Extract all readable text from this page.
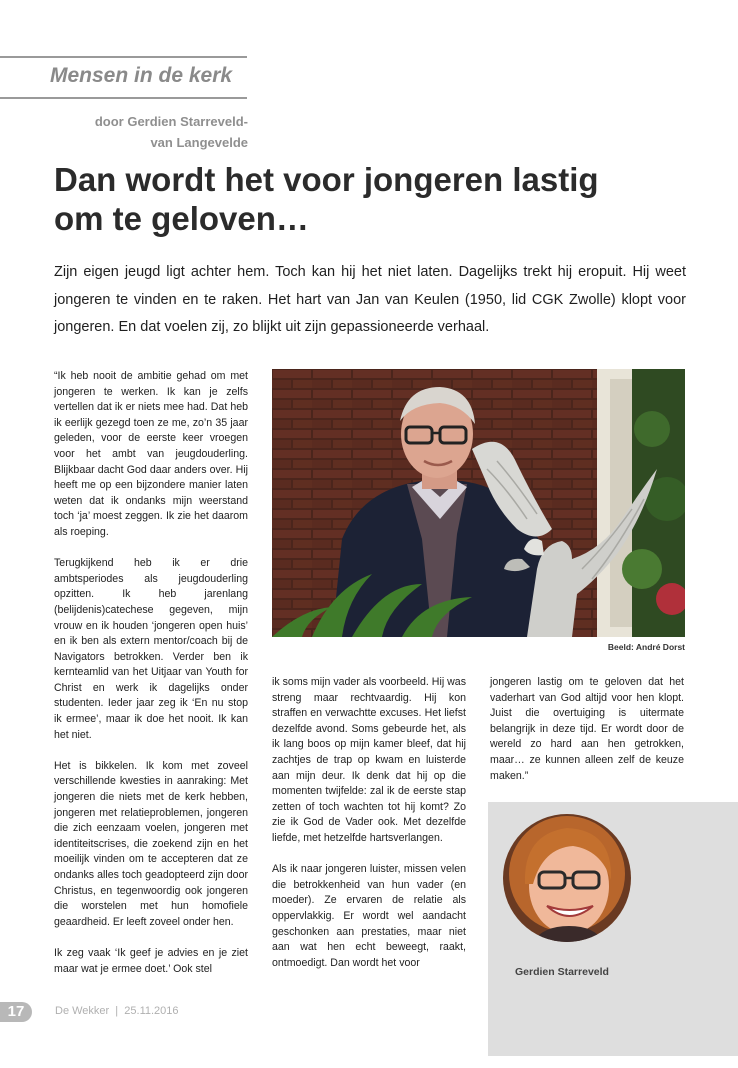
Mensen in de kerk
door Gerdien Starreveld-
van Langevelde
Dan wordt het voor jongeren lastig
om te geloven…
Zijn eigen jeugd ligt achter hem. Toch kan hij het niet laten. Dagelijks trekt hij eropuit. Hij weet jongeren te vinden en te raken. Het hart van Jan van Keulen (1950, lid CGK Zwolle) klopt voor jongeren. En dat voelen zij, zo blijkt uit zijn gepassioneerde verhaal.

“Ik heb nooit de ambitie gehad om met jongeren te werken. Ik kan je zelfs vertellen dat ik er niets mee had. Dat heb ik eerlijk gezegd toen ze me, zo’n 35 jaar geleden, voor de eerste keer vroegen voor het ambt van jeugdouderling. Blijkbaar dacht God daar anders over. Hij heeft me op een bijzondere manier laten weten dat ik ondanks mijn weerstand toch ‘ja’ moest zeggen. Ik zie het daarom als roeping.

Terugkijkend heb ik er drie ambtsperiodes als jeugdouderling opzitten. Ik heb jarenlang (belijdenis)catechese gegeven, mijn vrouw en ik houden ‘jongeren open huis’ en ik ben als extern mentor/coach bij de Navigators betrokken. Verder ben ik kernteamlid van het Uitjaar van Youth for Christ en werk ik dagelijks onder studenten. Ieder jaar zeg ik ‘En nu stop ik ermee’, maar ik doe het nooit. Ik kan het niet.

Het is bikkelen. Ik kom met zoveel verschillende kwesties in aanraking: Met jongeren die niets met de kerk hebben, jongeren met relatieproblemen, jongeren die zich eenzaam voelen, jongeren met identiteitscrises, die zoekend zijn en het moeilijk vinden om te accepteren dat ze ondanks alles toch geadopteerd zijn door Christus, en tegenwoordig ook jongeren die worstelen met hun homofiele geaardheid. Er leeft zoveel onder hen.

Ik zeg vaak ‘Ik geef je advies en je ziet maar wat je ermee doet.’ Ook stel

Beeld: André Dorst

ik soms mijn vader als voorbeeld. Hij was streng maar rechtvaardig. Hij kon straffen en verwachtte excuses. Het liefst dezelfde avond. Soms gebeurde het, als ik lang boos op mijn kamer bleef, dat hij zachtjes de trap op kwam en luisterde aan mijn deur. Ik denk dat hij op die momenten twijfelde: zal ik de eerste stap zetten of toch wachten tot hij komt? Zo zie ik God de Vader ook. Met dezelfde liefde, met hetzelfde hartsverlangen.

Als ik naar jongeren luister, missen velen die betrokkenheid van hun vader (en moeder). Ze ervaren de relatie als oppervlakkig. Er wordt wel aandacht geschonken aan prestaties, maar niet aan wat hen echt beweegt, raakt, ontmoedigt. Dan wordt het voor

jongeren lastig om te geloven dat het vaderhart van God altijd voor hen klopt. Juist die overtuiging is uitermate belangrijk in deze tijd. Er wordt door de wereld zo hard aan hen getrokken, maar… ze kunnen alleen zelf de keuze maken.”

Gerdien Starreveld
17	De Wekker  |  25.11.2016
